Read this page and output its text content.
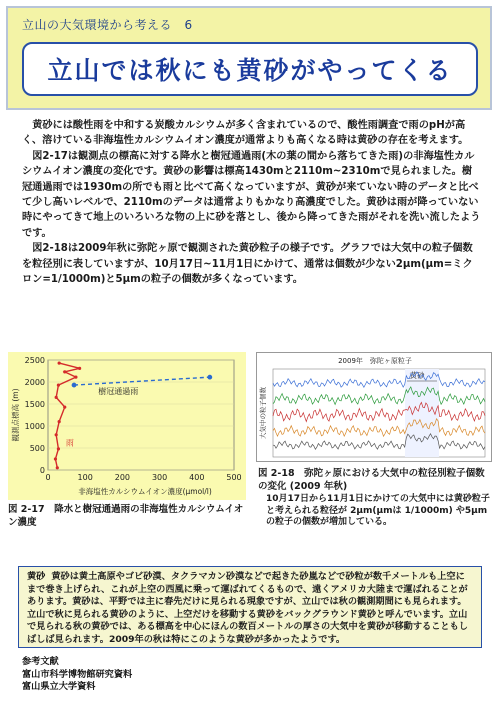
立山の大気環境から考える　6
立山では秋にも黄砂がやってくる

黄砂には酸性雨を中和する炭酸カルシウムが多く含まれているので、酸性雨調査で雨のpHが高く、溶けている非海塩性カルシウムイオン濃度が通常よりも高くなる時は黄砂の存在を考えます。

図2-17は観測点の標高に対する降水と樹冠通過雨(木の葉の間から落ちてきた雨)の非海塩性カルシウムイオン濃度の変化です。黄砂の影響は標高1430mと2110m~2310mで見られました。樹冠通過雨では1930mの所でも雨と比べて高くなっていますが、黄砂が来ていない時のデータと比べて少し高いレベルで、2110mのデータは通常よりもかなり高濃度でした。黄砂は雨が降っていない時にやってきて地上のいろいろな物の上に砂を落とし、後から降ってきた雨がそれを洗い流したようです。

図2-18は2009年秋に弥陀ヶ原で観測された黄砂粒子の様子です。グラフでは大気中の粒子個数を粒径別に表していますが、10月17日~11月1日にかけて、通常は個数が少ない2μm(μm=ミクロン=1/1000m)と5μmの粒子の個数が多くなっています。

0
500
1000
1500
2000
2500
0	100	200	300	400	500
観測点標高 (m)
非海塩性カルシウムイオン濃度(μmol/l)
樹冠通過雨
雨
図 2-17　降水と樹冠通過雨の非海塩性カルシウムイオン濃度
2009年　弥陀ヶ原粒子
大気中の粒子個数
黄砂
図 2-18　弥陀ヶ原における大気中の粒径別粒子個数の変化 (2009 年秋)
10月17日から11月1日にかけての大気中には黄砂粒子と考えられる粒径が 2μm(μmは 1/1000m) や5μmの粒子の個数が増加している。
黄砂 黄砂は黄土高原やゴビ砂漠、タクラマカン砂漠などで起きた砂嵐などで砂粒が数千メートルも上空にまで巻き上げられ、これが上空の西風に乗って運ばれてくるもので、遠くアメリカ大陸まで運ばれることがあります。黄砂は、平野では主に春先だけに見られる現象ですが、立山では秋の観測期間にも見られます。立山で秋に見られる黄砂のように、上空だけを移動する黄砂をバックグラウンド黄砂と呼んでいます。立山で見られる秋の黄砂では、ある標高を中心にほんの数百メートルの厚さの大気中を黄砂が移動することもしばしば見られます。2009年の秋は特にこのような黄砂が多かったようです。
参考文献
富山市科学博物館研究資料
富山県立大学資料
